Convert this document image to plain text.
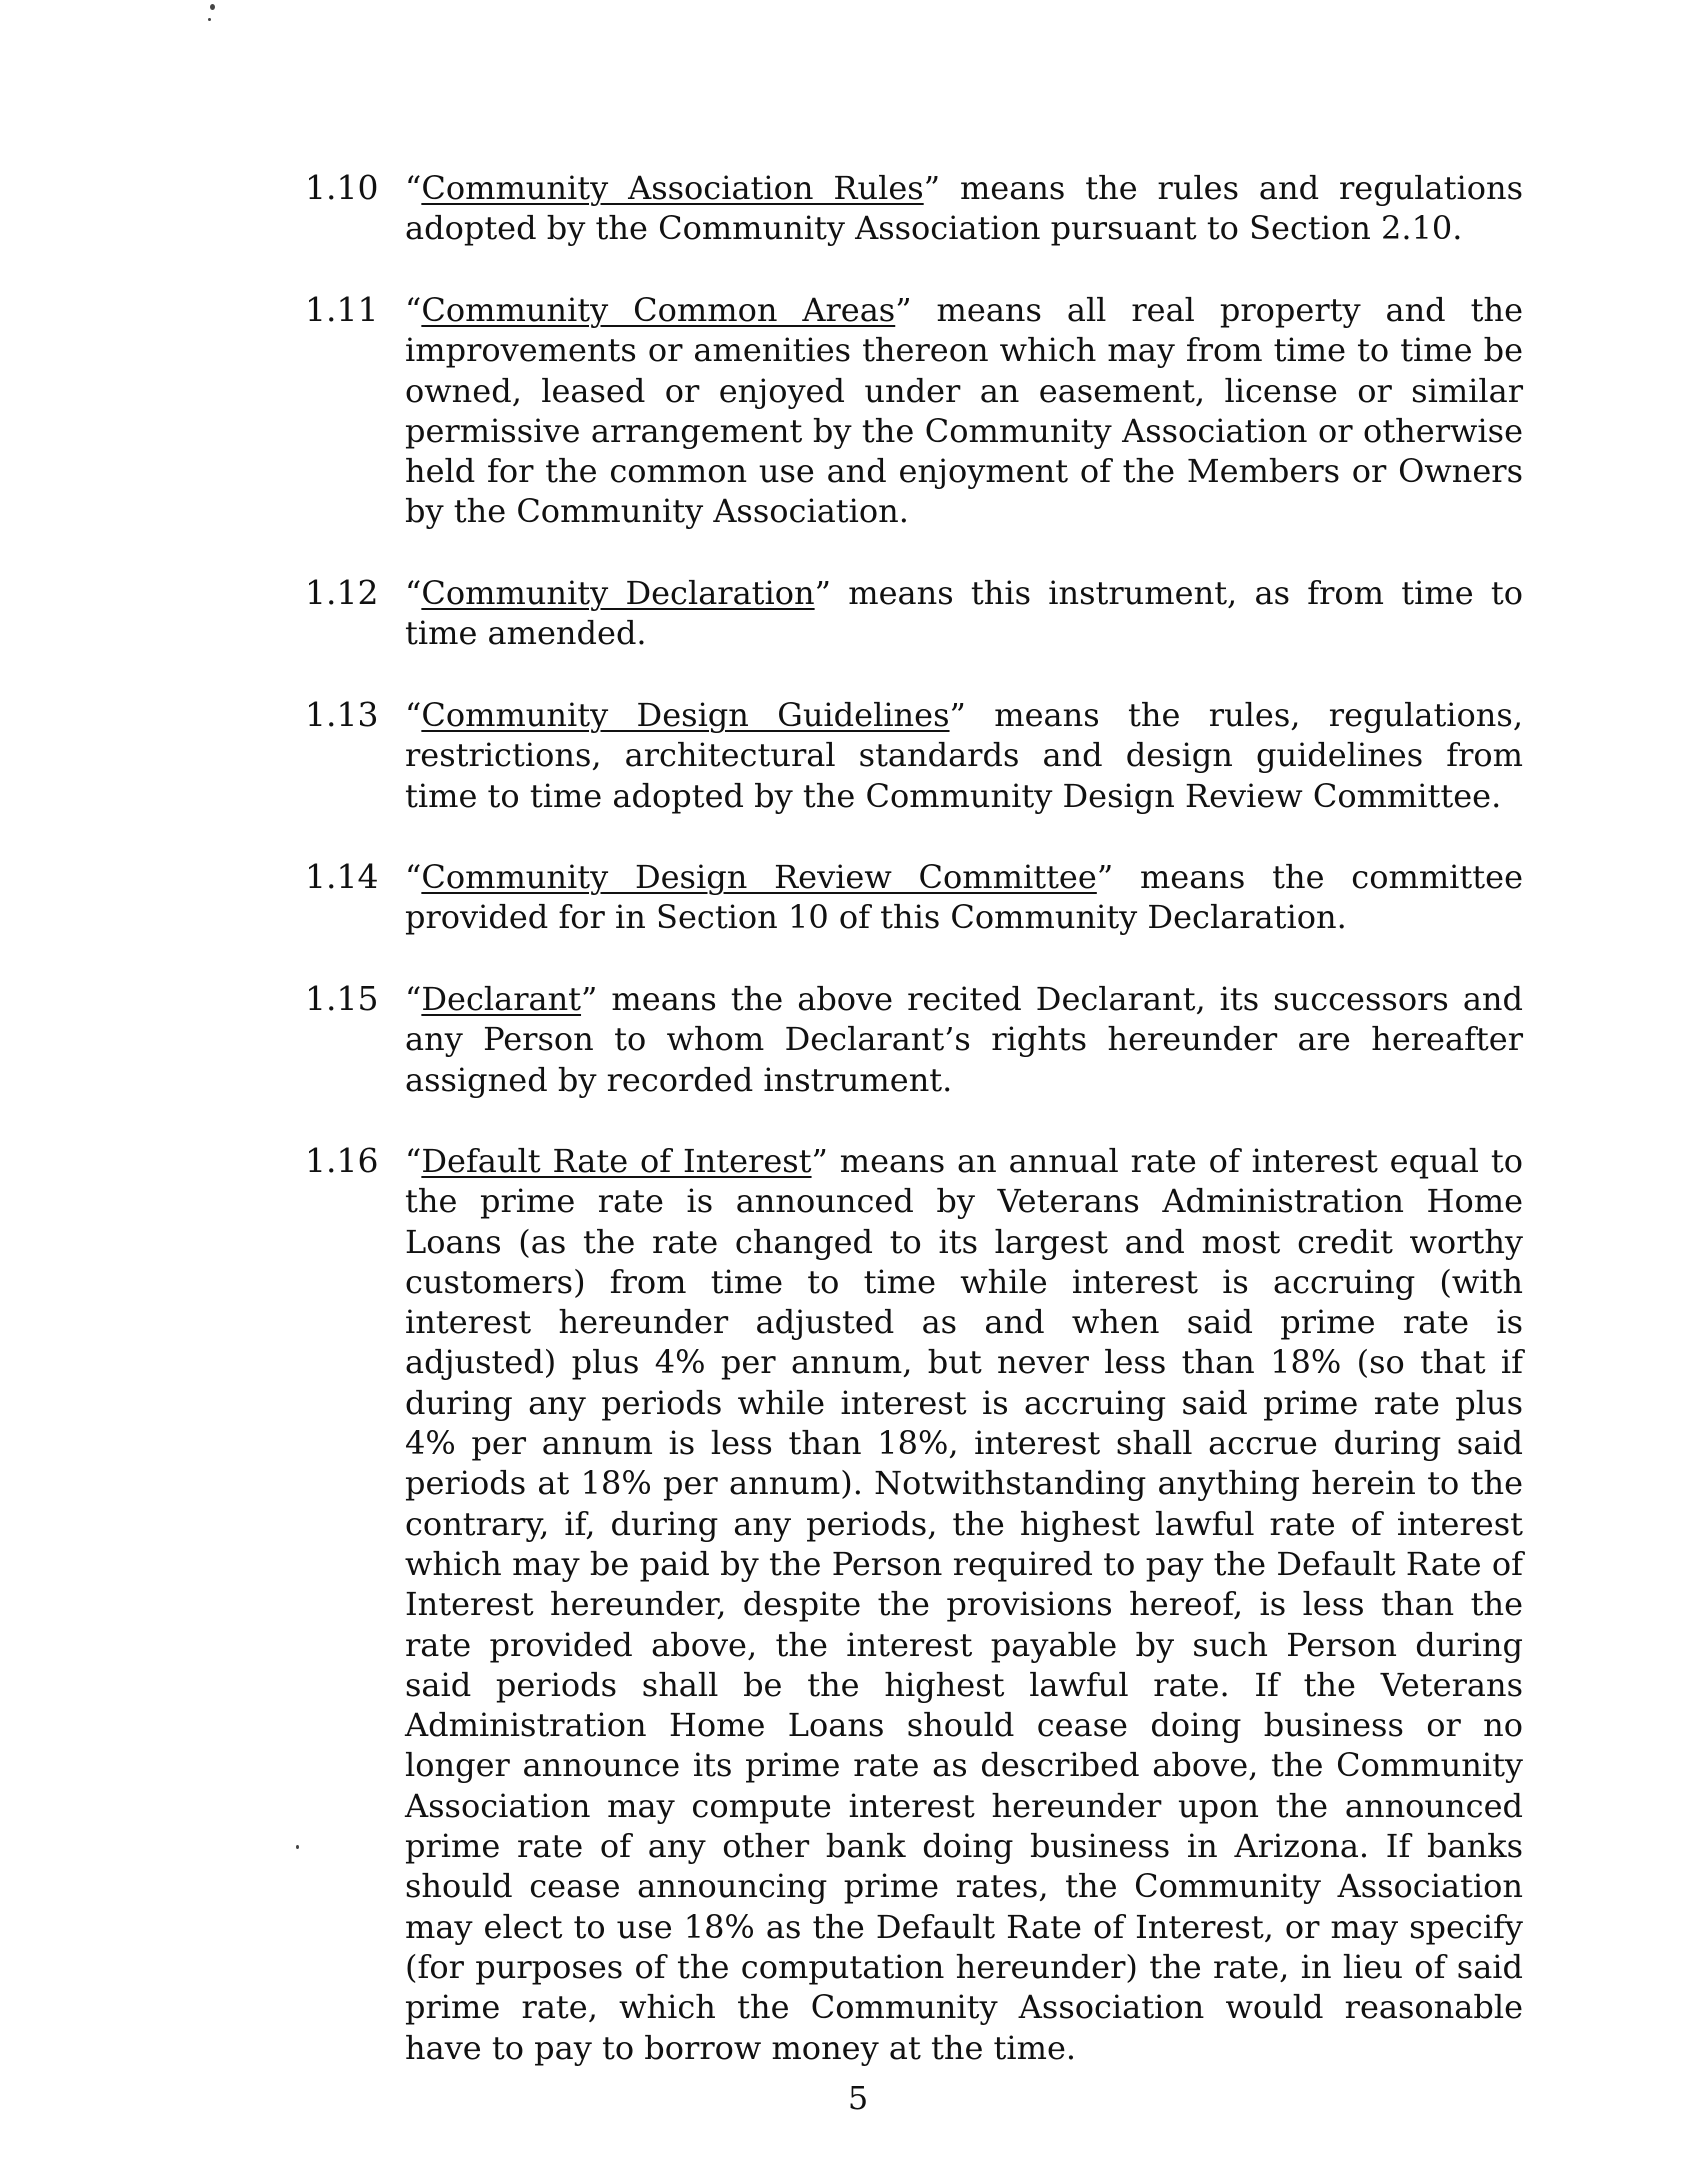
1.10 “Community Association Rules” means the rules and regulations adopted by the Community Association pursuant to Section 2.10.
1.11 “Community Common Areas” means all real property and the improvements or amenities thereon which may from time to time be owned, leased or enjoyed under an easement, license or similar permissive arrangement by the Community Association or otherwise held for the common use and enjoyment of the Members or Owners by the Community Association.
1.12 “Community Declaration” means this instrument, as from time to time amended.
1.13 “Community Design Guidelines” means the rules, regulations, restrictions, architectural standards and design guidelines from time to time adopted by the Community Design Review Committee.
1.14 “Community Design Review Committee” means the committee provided for in Section 10 of this Community Declaration.
1.15 “Declarant” means the above recited Declarant, its successors and any Person to whom Declarant’s rights hereunder are hereafter assigned by recorded instrument.
1.16 “Default Rate of Interest” means an annual rate of interest equal to the prime rate is announced by Veterans Administration Home Loans (as the rate changed to its largest and most credit worthy customers) from time to time while interest is accruing (with interest hereunder adjusted as and when said prime rate is adjusted) plus 4% per annum, but never less than 18% (so that if during any periods while interest is accruing said prime rate plus 4% per annum is less than 18%, interest shall accrue during said periods at 18% per annum). Notwithstanding anything herein to the contrary, if, during any periods, the highest lawful rate of interest which may be paid by the Person required to pay the Default Rate of Interest hereunder, despite the provisions hereof, is less than the rate provided above, the interest payable by such Person during said periods shall be the highest lawful rate. If the Veterans Administration Home Loans should cease doing business or no longer announce its prime rate as described above, the Community Association may compute interest hereunder upon the announced prime rate of any other bank doing business in Arizona. If banks should cease announcing prime rates, the Community Association may elect to use 18% as the Default Rate of Interest, or may specify (for purposes of the computation hereunder) the rate, in lieu of said prime rate, which the Community Association would reasonable have to pay to borrow money at the time.
5
